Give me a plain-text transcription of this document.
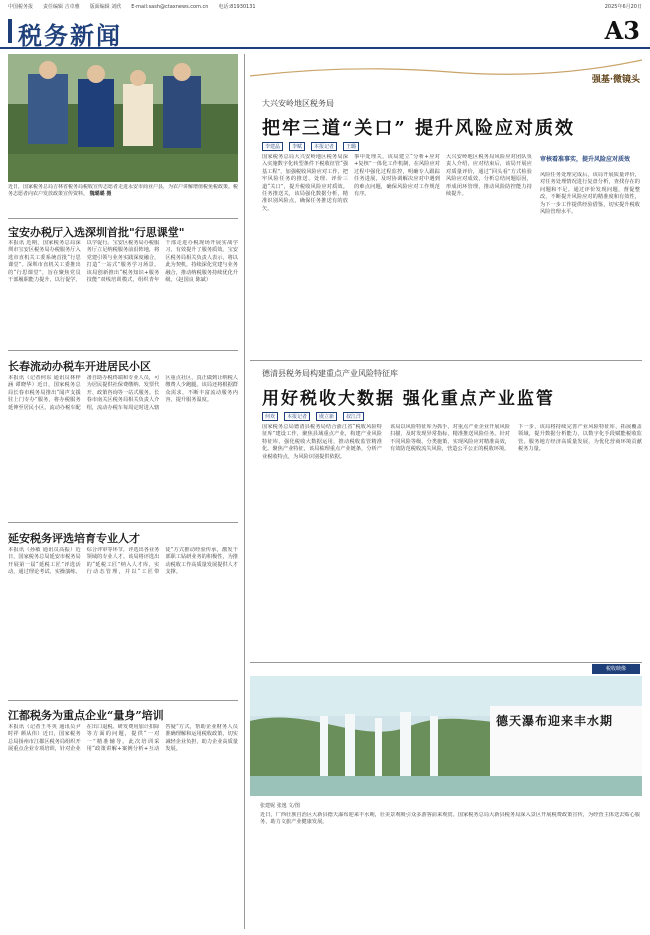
中国税务报 责任编辑 吉卓雅 版面编辑 刘欣 E-mail:sash@ctaxnews.com.cn 电话:81930131	2025年6月20日
税务新闻	A3
近日，国家税务总局吉林省税务局税收宣传志愿者走进永安市商业户县，为农户讲解增值税免税政策。税务志愿者向农户发放政策宣传资料。 魏璐璐 摄
宝安办税厅入选深圳首批"行思课堂"
本报讯 近期，国家税务总局深圳市宝安区税务局办税服务厅入选市直机关工委系统首批“行思课堂”。深圳市直机关工委推出的“行思课堂”，旨在聚焦党员干部履职能力提升，以行促学、以学促行。宝安区税务局办税服务厅立足纳税服务前沿阵地，将党建引领与业务实践深度融合，打造“一站式”服务学习场景。该局创新推出“税务知识+服务技能”双线培训模式，组织青年干部走进办税现场开展实战学习，有效提升了服务质效。宝安区税务局相关负责人表示，将以此为契机，持续深化党建与业务融合，推动纳税服务持续优化升级。（赵国良 陈斌）
长春流动办税车开进居民小区
本报讯（记者何东 通讯员林梓涵 谭晓华）近日，国家税务总局长春市税务局推出“闻声支援驻上门专办”服务，将办税服务延伸至居民小区。流动办税车配备自助办税终端和专业人员，可为居民提供社保费缴纳、发票代开、政策咨询等一站式服务。长春市南关区税务局相关负责人介绍，流动办税车每周定时进入辖区重点社区，真正做到让纳税人缴费人少跑腿。该局还将根据群众需求，不断丰富流动服务内容，提升服务温度。
延安税务评选培育专业人才
本报讯（孙敏 通讯员高振）近日，国家税务总局延安市税务局开展第一届“延税工匠”评选活动，通过理论考试、实操演练、综合评审等环节，评选出各业务领域的专业人才。该局将评选出的“延税工匠”纳入人才库，实行动态管理，并以“工匠带徒”方式推动经验传承，激发干部职工钻研业务的积极性，为推动税收工作高质量发展提供人才支撑。
江都税务为重点企业“量身”培训
本报讯（记者王冬英 通讯员尹时祥 颜从伟）近日，国家税务总局扬州市江都区税务局组织开展重点企业专项培训，针对企业在出口退税、研发费用加计扣除等方面的问题，提供“一对一”精准辅导。此次培训采用“政策讲解+案例分析+互动答疑”方式，帮助企业财务人员准确理解和运用税收政策，切实减轻企业负担，助力企业高质量发展。
强基·微镜头
大兴安岭地区税务局
把牢三道“关口” 提升风险应对质效
李建晶	李赋	本报记者	王璐
国家税务总局大兴安岭地区税务局深入实施数字化转型条件下税收征管“强基工程”，加强税收风险应对工作，把牢风险任务的推送、处理、评价三道“关口”，提升税收风险应对质效。任务推送关，该局强化数据分析，精准识别风险点，确保任务推送有的放矢。
事中处理关，该局建立“分析+应对+复核”一体化工作机制，在风险应对过程中强化过程监控，明确专人跟踪任务进展，及时协调解决应对中遇到的难点问题，确保风险应对工作规范有序。
大兴安岭地区税务局风险应对团队负责人介绍，应对结束后，该局开展应对质量评价，通过“回头看”方式检验风险应对成效，分析总结问题原因，形成闭环管理，推动风险防控能力持续提升。
审核看准事实，提升风险应对质效
风险任务处理完成后，该局开展质量评价，对任务处理情况进行复盘分析，查找存在的问题和不足。通过评价发现问题，督促整改，不断提升风险应对的精准度和有效性，为下一步工作提供经验借鉴，切实提升税收风险管理水平。
德清县税务局构建重点产业风险特征库
用好税收大数据 强化重点产业监管
何欢	本报记者	虞立新	叔江洋
国家税务总局德清县税务局结合浙江省“税收风险特征库”建设工作，聚焦县域重点产业，构建产业风险特征库，强化税收大数据运用，推动税收监管精准化。聚焦产业特征，该局梳理重点产业链条，分析产业税收特点，为风险识别提供依据。
该局以风险特征库为抓手，对重点产业企业开展风险扫描，及时发现异常指标，精准推送风险任务。针对不同风险等级，分类施策，实现风险应对精准高效，有效防范税收流失风险，营造公平公正的税收环境。
下一步，该局将持续完善产业风险特征库，拓展覆盖领域，提升数据分析能力，以数字化手段赋能税收监管，服务地方经济高质量发展，为优化营商环境贡献税务力量。
税收映像
德天瀑布迎来丰水期
张建妮 张逸 文/图
近日，广西壮族自治区大新县德天瀑布迎来丰水期，壮美景观吸引众多游客前来观赏。国家税务总局大新县税务局深入景区开展税费政策宣传，为经营主体送去贴心服务，助力文旅产业健康发展。
